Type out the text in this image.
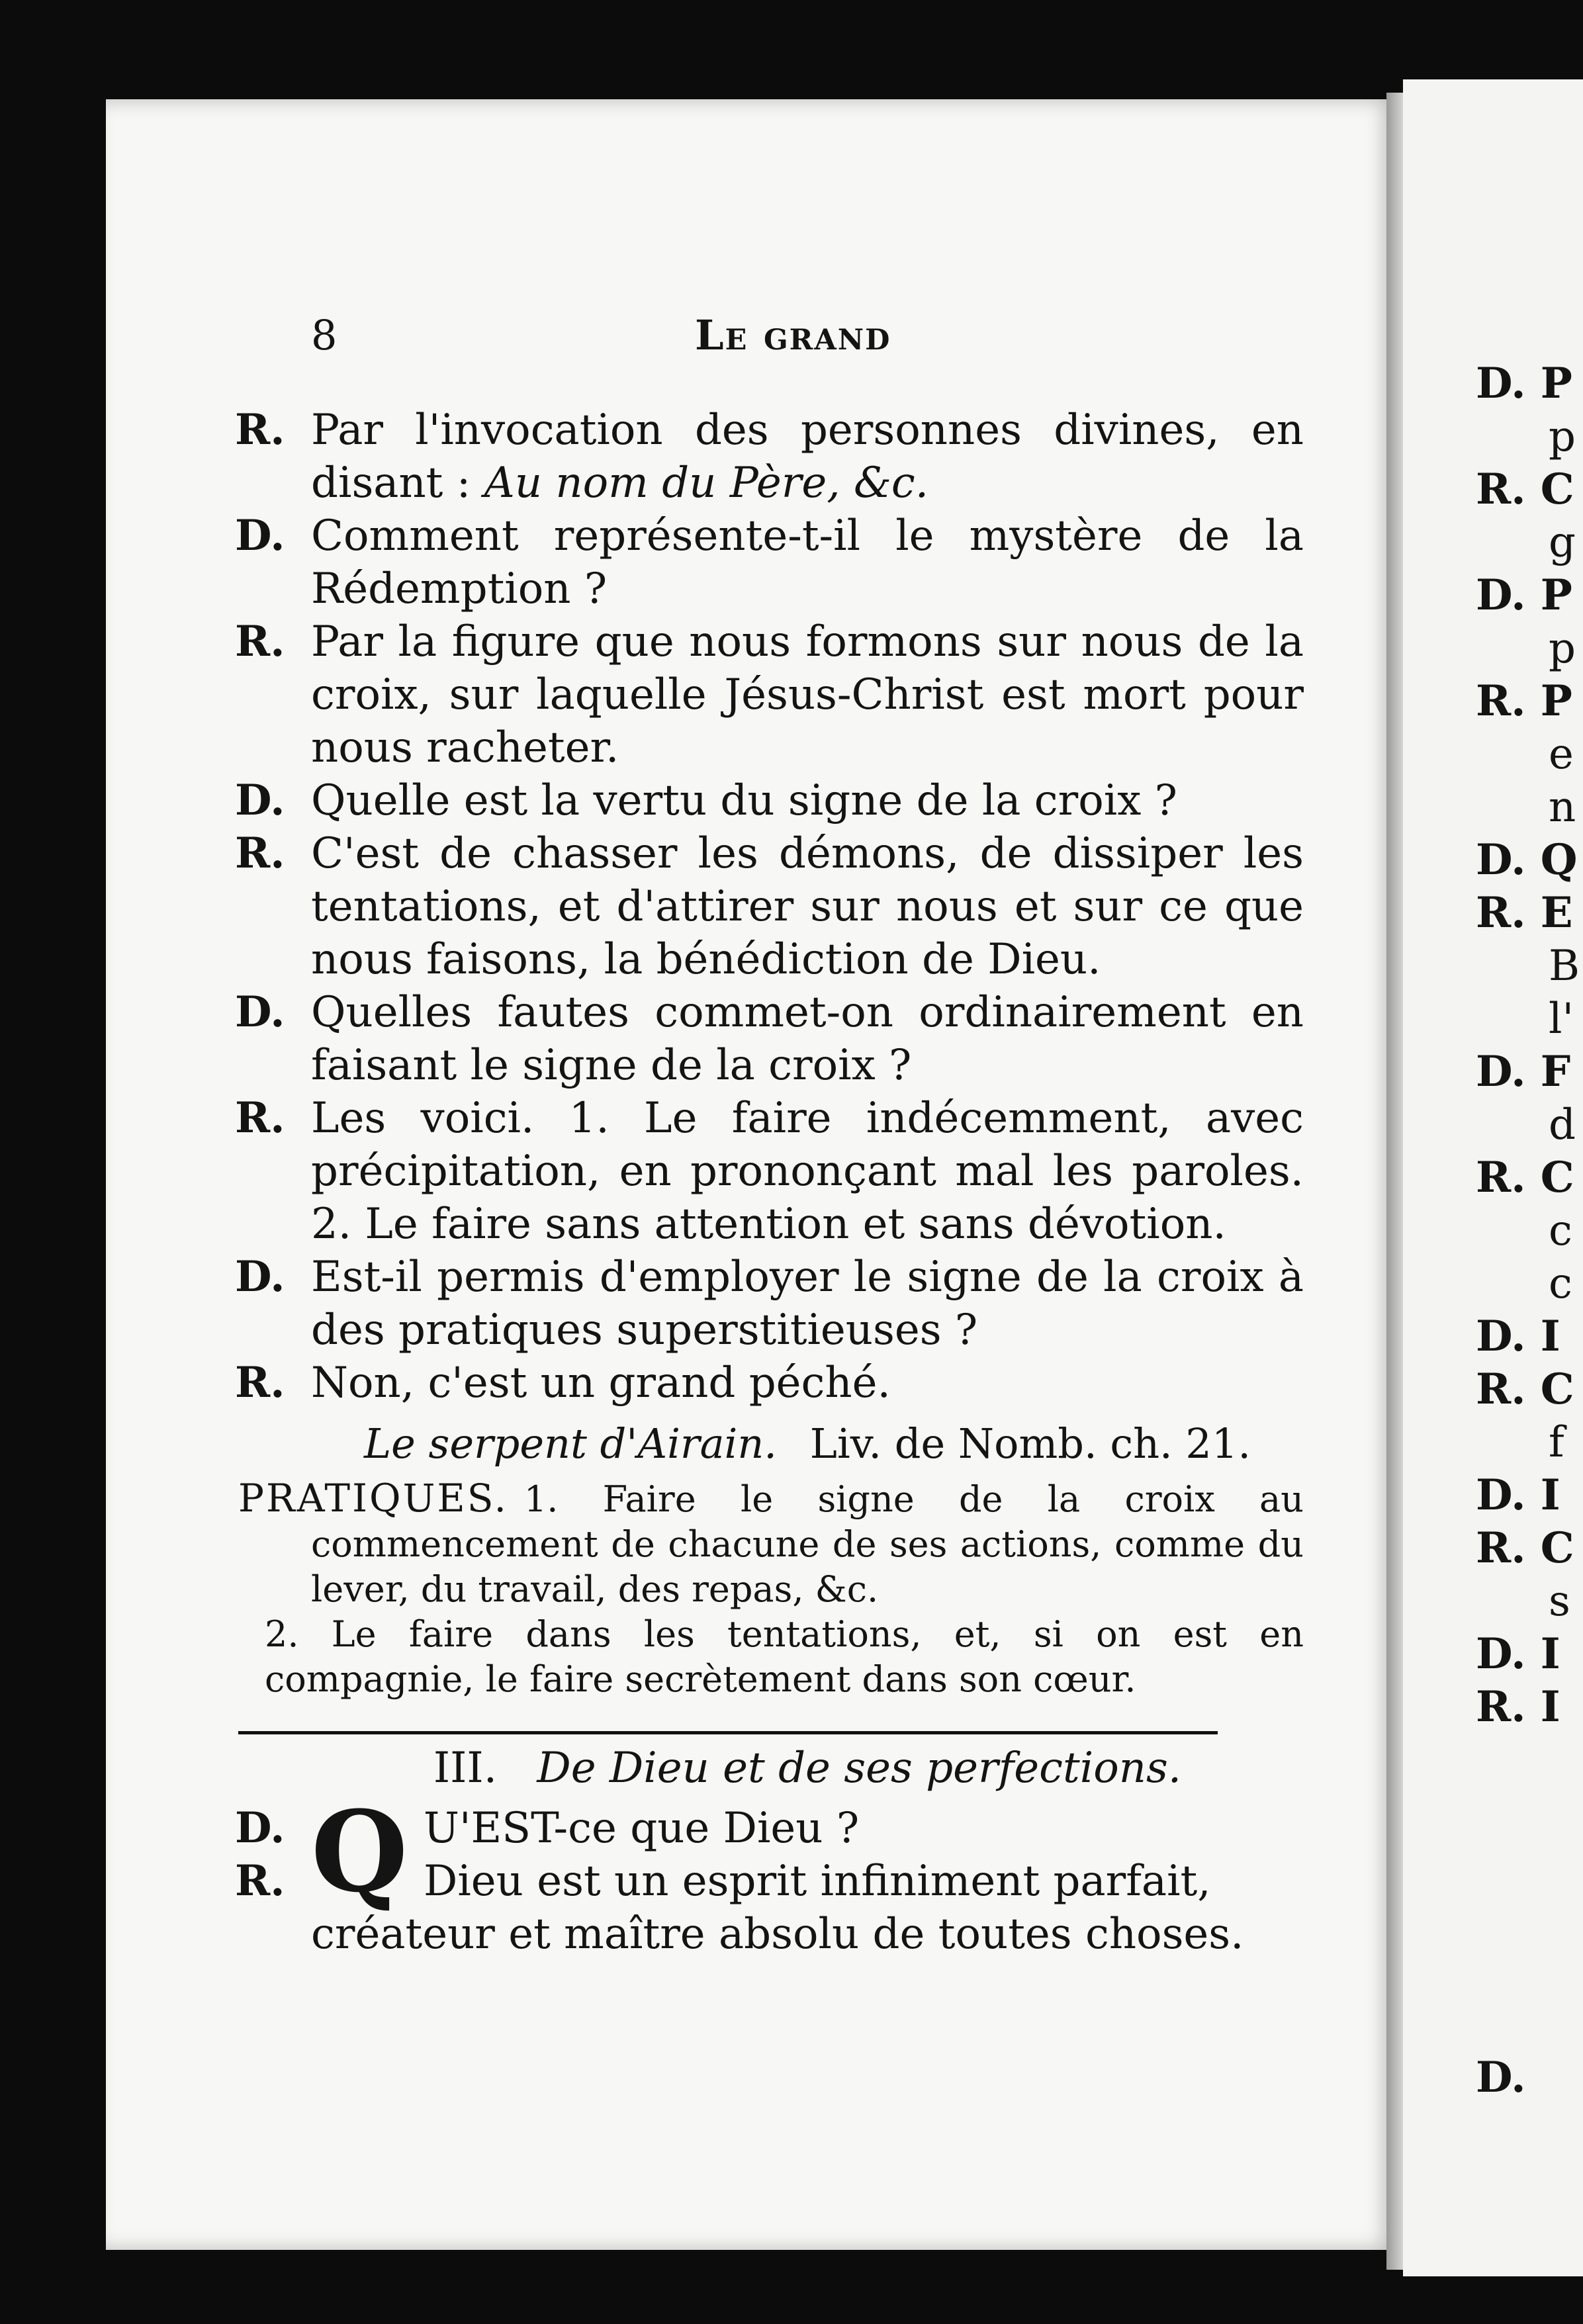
8	Le grand
R. Par l'invocation des personnes divines, en disant : Au nom du Père, &c.
D. Comment représente-t-il le mystère de la Rédemption ?
R. Par la figure que nous formons sur nous de la croix, sur laquelle Jésus-Christ est mort pour nous racheter.
D. Quelle est la vertu du signe de la croix ?
R. C'est de chasser les démons, de dissiper les tentations, et d'attirer sur nous et sur ce que nous faisons, la bénédiction de Dieu.
D. Quelles fautes commet-on ordinairement en faisant le signe de la croix ?
R. Les voici. 1. Le faire indécemment, avec précipitation, en prononçant mal les paroles. 2. Le faire sans attention et sans dévotion.
D. Est-il permis d'employer le signe de la croix à des pratiques superstitieuses ?
R. Non, c'est un grand péché.
Le serpent d'Airain. Liv. de Nomb. ch. 21.
PRATIQUES. 1. Faire le signe de la croix au commencement de chacune de ses actions, comme du lever, du travail, des repas, &c.
2. Le faire dans les tentations, et, si on est en compagnie, le faire secrètement dans son cœur.
III. De Dieu et de ses perfections.
Q
D.	U'EST-ce que Dieu ?
R.	Dieu est un esprit infiniment parfait,
créateur et maître absolu de toutes choses.
D. P
p
R. C
g
D. P
p
R. P
e
n
D. Q
R. E
B
l'
D. F
d
R. C
c
c
D. I
R. C
f
D. I
R. C
s
D. I
R. I
D.
